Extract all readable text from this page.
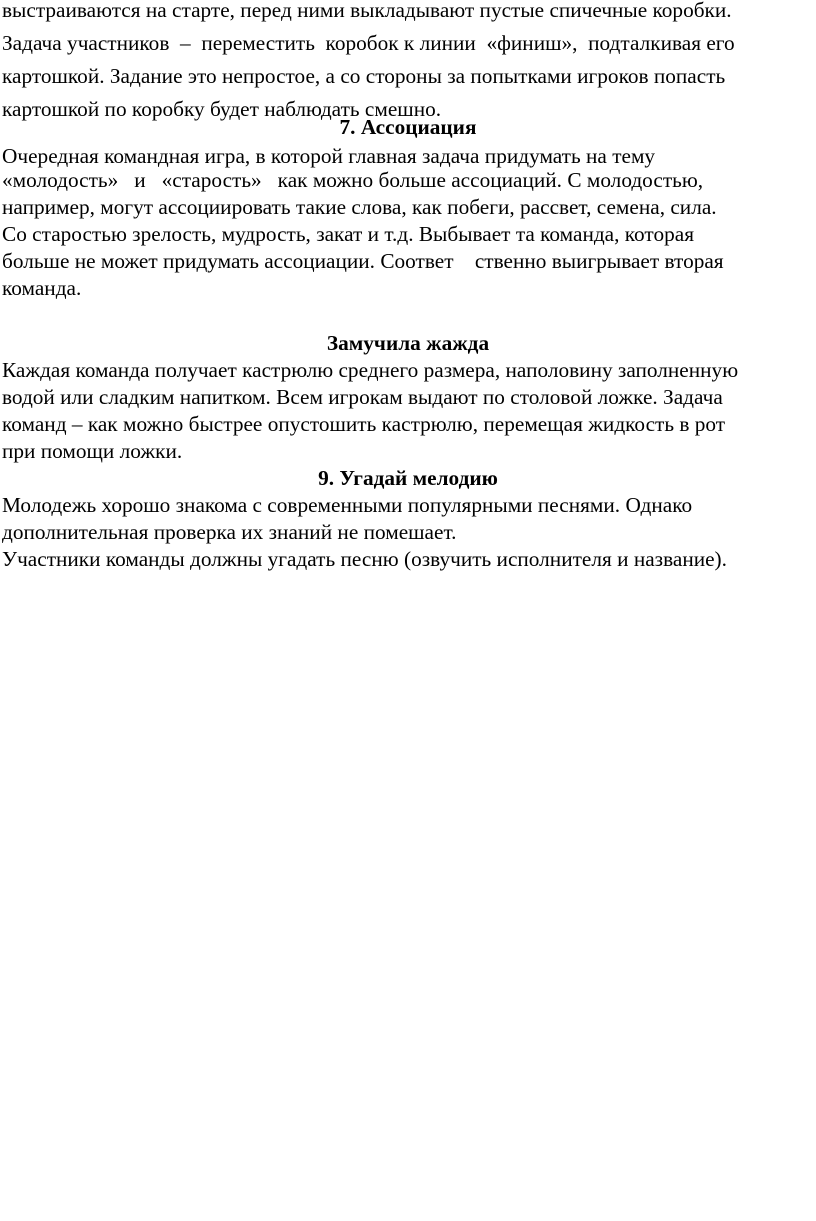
выстраиваются на старте, перед ними выкладывают пустые спичечные коробки.
Задача участников  –  переместить  коробок к линии  «финиш»,  подталкивая его
картошкой. Задание это непростое, а со стороны за попытками игроков попасть
картошкой по коробку будет наблюдать смешно.
7. Ассоциация
Очередная командная игра, в которой главная задача придумать на тему
«молодость»   и   «старость»   как можно больше ассоциаций. С молодостью,
например, могут ассоциировать такие слова, как побеги, рассвет, семена, сила.
Со старостью зрелость, мудрость, закат и т.д. Выбывает та команда, которая
больше не может придумать ассоциации. Соответ    ственно выигрывает вторая
команда.
Замучила жажда
Каждая команда получает кастрюлю среднего размера, наполовину заполненную
водой или сладким напитком. Всем игрокам выдают по столовой ложке. Задача
команд – как можно быстрее опустошить кастрюлю, перемещая жидкость в рот
при помощи ложки.
9. Угадай мелодию
Молодежь хорошо знакома с современными популярными песнями. Однако
дополнительная проверка их знаний не помешает.
Участники команды должны угадать песню (озвучить исполнителя и название).
